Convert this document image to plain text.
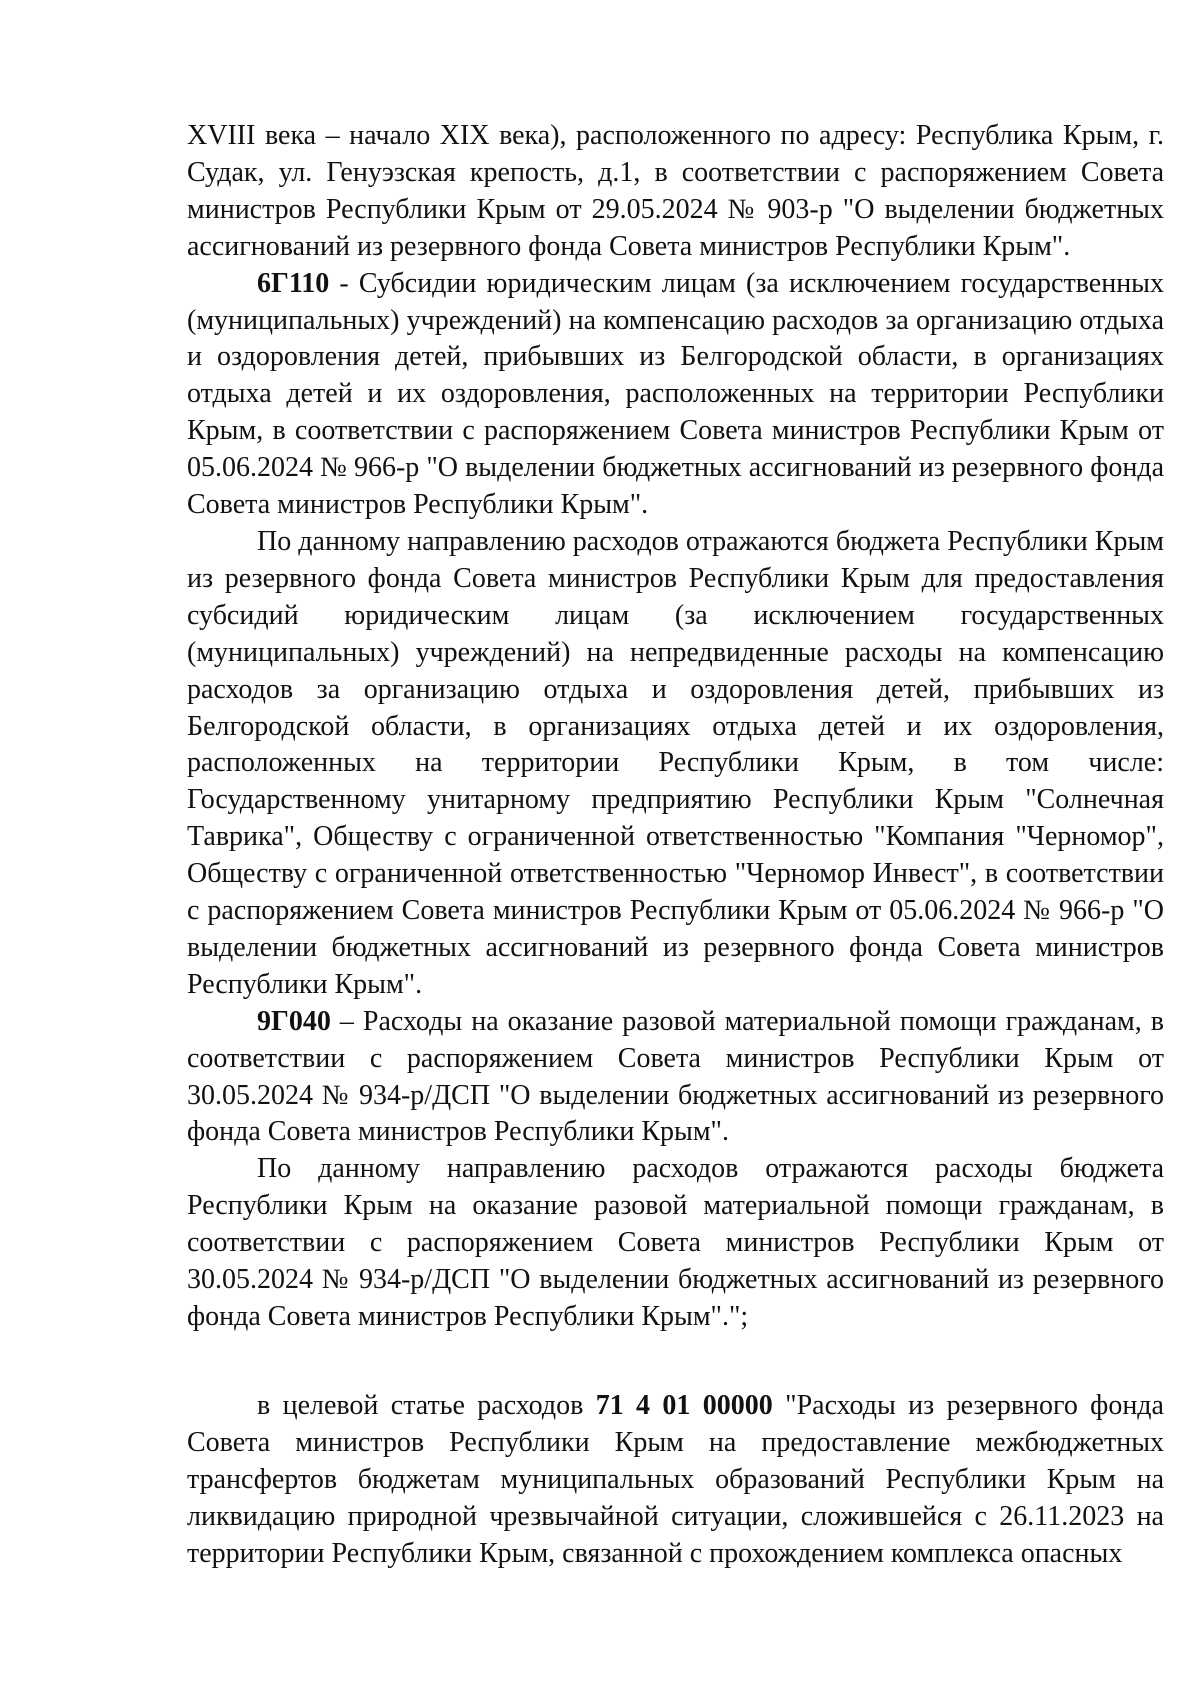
XVIII века – начало XIX века), расположенного по адресу: Республика Крым, г. Судак, ул. Генуэзская крепость, д.1, в соответствии с распоряжением Совета министров Республики Крым от 29.05.2024 № 903-р "О выделении бюджетных ассигнований из резервного фонда Совета министров Республики Крым".

6Г110 - Субсидии юридическим лицам (за исключением государственных (муниципальных) учреждений) на компенсацию расходов за организацию отдыха и оздоровления детей, прибывших из Белгородской области, в организациях отдыха детей и их оздоровления, расположенных на территории Республики Крым, в соответствии с распоряжением Совета министров Республики Крым от 05.06.2024 № 966-р "О выделении бюджетных ассигнований из резервного фонда Совета министров Республики Крым".

По данному направлению расходов отражаются бюджета Республики Крым из резервного фонда Совета министров Республики Крым для предоставления субсидий юридическим лицам (за исключением государственных (муниципальных) учреждений) на непредвиденные расходы на компенсацию расходов за организацию отдыха и оздоровления детей, прибывших из Белгородской области, в организациях отдыха детей и их оздоровления, расположенных на территории Республики Крым, в том числе: Государственному унитарному предприятию Республики Крым "Солнечная Таврика", Обществу с ограниченной ответственностью "Компания "Черномор", Обществу с ограниченной ответственностью "Черномор Инвест", в соответствии с распоряжением Совета министров Республики Крым от 05.06.2024 № 966-р "О выделении бюджетных ассигнований из резервного фонда Совета министров Республики Крым".

9Г040 – Расходы на оказание разовой материальной помощи гражданам, в соответствии с распоряжением Совета министров Республики Крым от 30.05.2024 № 934-р/ДСП "О выделении бюджетных ассигнований из резервного фонда Совета министров Республики Крым".

По данному направлению расходов отражаются расходы бюджета Республики Крым на оказание разовой материальной помощи гражданам, в соответствии с распоряжением Совета министров Республики Крым от 30.05.2024 № 934-р/ДСП "О выделении бюджетных ассигнований из резервного фонда Совета министров Республики Крым".";

в целевой статье расходов 71 4 01 00000 "Расходы из резервного фонда Совета министров Республики Крым на предоставление межбюджетных трансфертов бюджетам муниципальных образований Республики Крым на ликвидацию природной чрезвычайной ситуации, сложившейся с 26.11.2023 на территории Республики Крым, связанной с прохождением комплекса опасных
